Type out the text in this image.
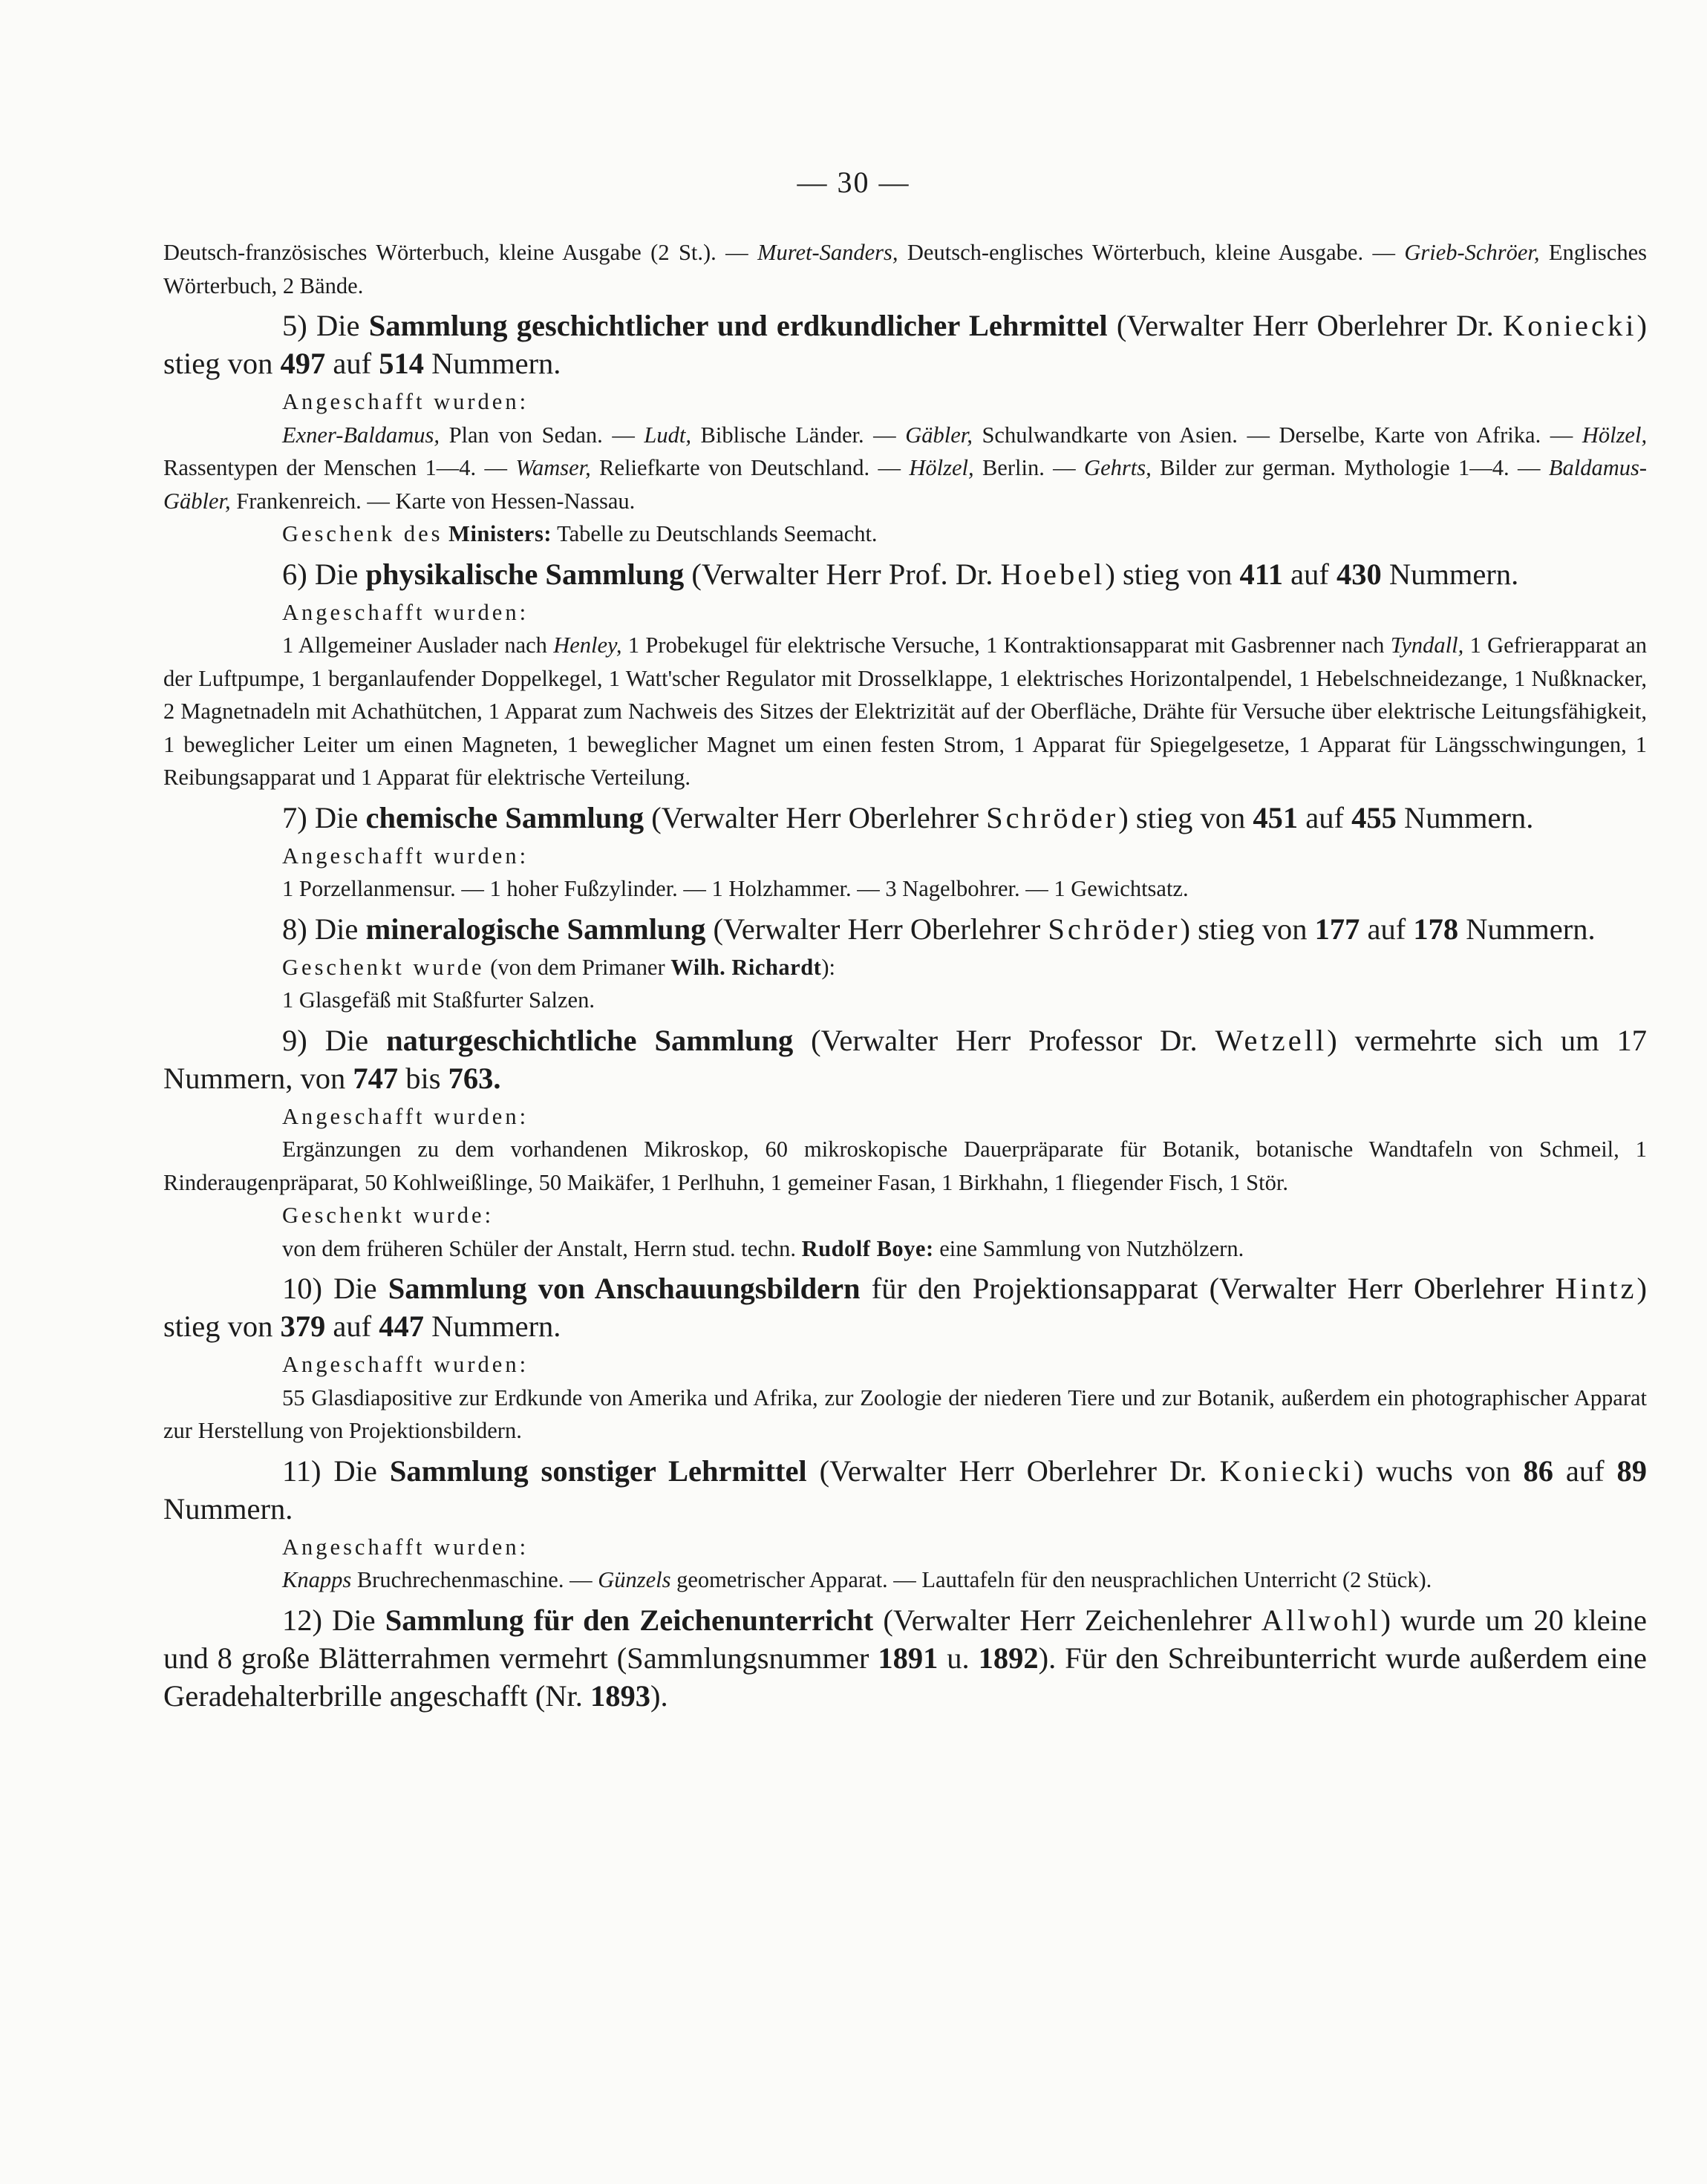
— 30 —

Deutsch-französisches Wörterbuch, kleine Ausgabe (2 St.). — Muret-Sanders, Deutsch-englisches Wörterbuch, kleine Ausgabe. — Grieb-Schröer, Englisches Wörterbuch, 2 Bände.

5) Die Sammlung geschichtlicher und erdkundlicher Lehrmittel (Verwalter Herr Oberlehrer Dr. Koniecki) stieg von 497 auf 514 Nummern.

Angeschafft wurden:

Exner-Baldamus, Plan von Sedan. — Ludt, Biblische Länder. — Gäbler, Schulwandkarte von Asien. — Derselbe, Karte von Afrika. — Hölzel, Rassentypen der Menschen 1—4. — Wamser, Reliefkarte von Deutschland. — Hölzel, Berlin. — Gehrts, Bilder zur german. Mythologie 1—4. — Baldamus-Gäbler, Frankenreich. — Karte von Hessen-Nassau.

Geschenk des Ministers: Tabelle zu Deutschlands Seemacht.

6) Die physikalische Sammlung (Verwalter Herr Prof. Dr. Hoebel) stieg von 411 auf 430 Nummern.

Angeschafft wurden:

1 Allgemeiner Auslader nach Henley, 1 Probekugel für elektrische Versuche, 1 Kontraktionsapparat mit Gasbrenner nach Tyndall, 1 Gefrierapparat an der Luftpumpe, 1 berganlaufender Doppelkegel, 1 Watt'scher Regulator mit Drosselklappe, 1 elektrisches Horizontalpendel, 1 Hebelschneidezange, 1 Nußknacker, 2 Magnetnadeln mit Achathütchen, 1 Apparat zum Nachweis des Sitzes der Elektrizität auf der Oberfläche, Drähte für Versuche über elektrische Leitungsfähigkeit, 1 beweglicher Leiter um einen Magneten, 1 beweglicher Magnet um einen festen Strom, 1 Apparat für Spiegelgesetze, 1 Apparat für Längsschwingungen, 1 Reibungsapparat und 1 Apparat für elektrische Verteilung.

7) Die chemische Sammlung (Verwalter Herr Oberlehrer Schröder) stieg von 451 auf 455 Nummern.

Angeschafft wurden:

1 Porzellanmensur. — 1 hoher Fußzylinder. — 1 Holzhammer. — 3 Nagelbohrer. — 1 Gewichtsatz.

8) Die mineralogische Sammlung (Verwalter Herr Oberlehrer Schröder) stieg von 177 auf 178 Nummern.

Geschenkt wurde (von dem Primaner Wilh. Richardt):

1 Glasgefäß mit Staßfurter Salzen.

9) Die naturgeschichtliche Sammlung (Verwalter Herr Professor Dr. Wetzell) vermehrte sich um 17 Nummern, von 747 bis 763.

Angeschafft wurden:

Ergänzungen zu dem vorhandenen Mikroskop, 60 mikroskopische Dauerpräparate für Botanik, botanische Wandtafeln von Schmeil, 1 Rinderaugenpräparat, 50 Kohlweißlinge, 50 Maikäfer, 1 Perlhuhn, 1 gemeiner Fasan, 1 Birkhahn, 1 fliegender Fisch, 1 Stör.

Geschenkt wurde:

von dem früheren Schüler der Anstalt, Herrn stud. techn. Rudolf Boye: eine Sammlung von Nutzhölzern.

10) Die Sammlung von Anschauungsbildern für den Projektionsapparat (Verwalter Herr Oberlehrer Hintz) stieg von 379 auf 447 Nummern.

Angeschafft wurden:

55 Glasdiapositive zur Erdkunde von Amerika und Afrika, zur Zoologie der niederen Tiere und zur Botanik, außerdem ein photographischer Apparat zur Herstellung von Projektionsbildern.

11) Die Sammlung sonstiger Lehrmittel (Verwalter Herr Oberlehrer Dr. Koniecki) wuchs von 86 auf 89 Nummern.

Angeschafft wurden:

Knapps Bruchrechenmaschine. — Günzels geometrischer Apparat. — Lauttafeln für den neusprachlichen Unterricht (2 Stück).

12) Die Sammlung für den Zeichenunterricht (Verwalter Herr Zeichenlehrer Allwohl) wurde um 20 kleine und 8 große Blätterrahmen vermehrt (Sammlungsnummer 1891 u. 1892). Für den Schreibunterricht wurde außerdem eine Geradehalterbrille angeschafft (Nr. 1893).
